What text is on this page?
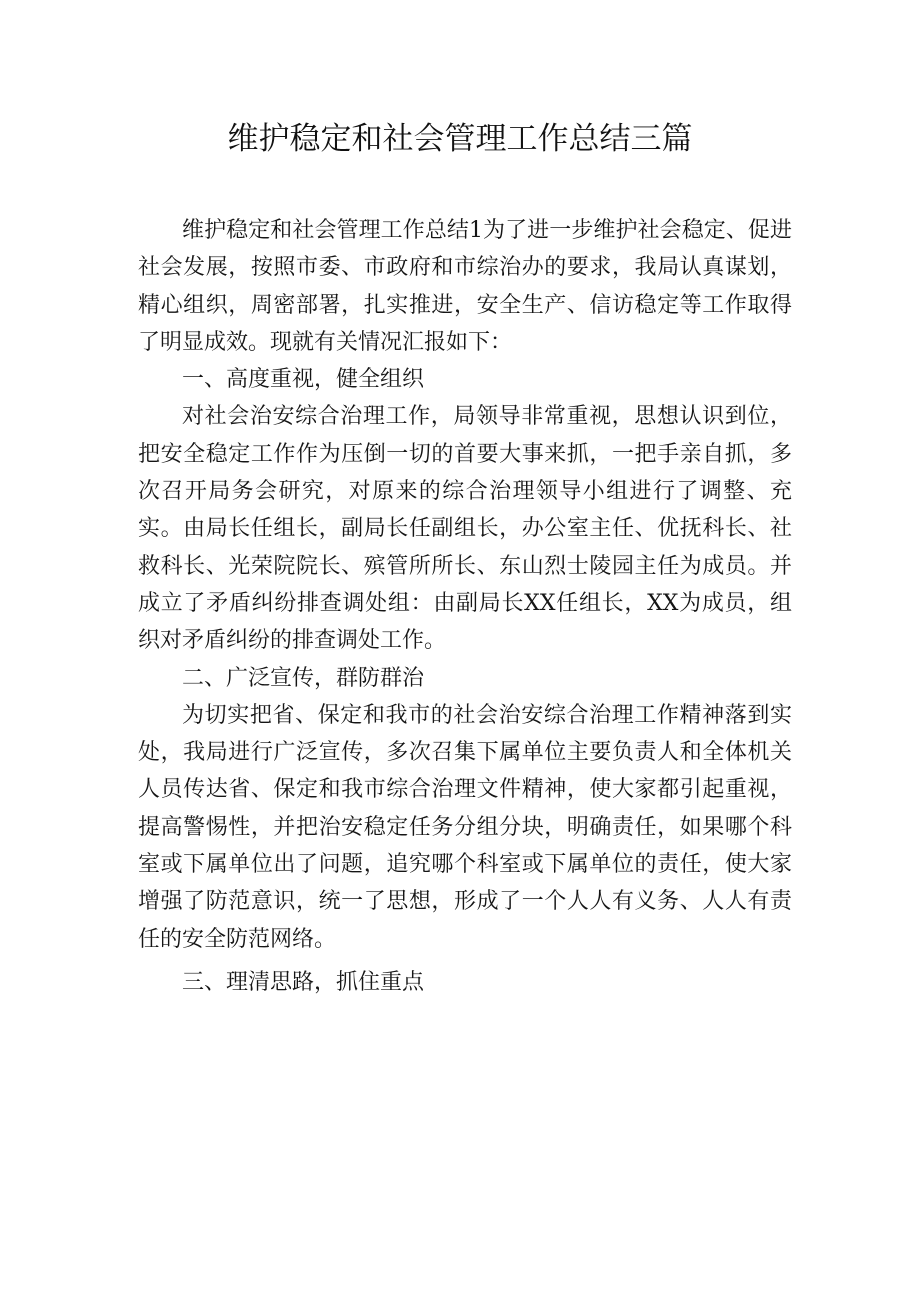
维护稳定和社会管理工作总结三篇

维护稳定和社会管理工作总结1为了进一步维护社会稳定、促进社会发展，按照市委、市政府和市综治办的要求，我局认真谋划，精心组织，周密部署，扎实推进，安全生产、信访稳定等工作取得了明显成效。现就有关情况汇报如下：

一、高度重视，健全组织

对社会治安综合治理工作，局领导非常重视，思想认识到位，把安全稳定工作作为压倒一切的首要大事来抓，一把手亲自抓，多次召开局务会研究，对原来的综合治理领导小组进行了调整、充实。由局长任组长，副局长任副组长，办公室主任、优抚科长、社救科长、光荣院院长、殡管所所长、东山烈士陵园主任为成员。并成立了矛盾纠纷排查调处组：由副局长XX任组长，XX为成员，组织对矛盾纠纷的排查调处工作。

二、广泛宣传，群防群治

为切实把省、保定和我市的社会治安综合治理工作精神落到实处，我局进行广泛宣传，多次召集下属单位主要负责人和全体机关人员传达省、保定和我市综合治理文件精神，使大家都引起重视，提高警惕性，并把治安稳定任务分组分块，明确责任，如果哪个科室或下属单位出了问题，追究哪个科室或下属单位的责任，使大家增强了防范意识，统一了思想，形成了一个人人有义务、人人有责任的安全防范网络。

三、理清思路，抓住重点
